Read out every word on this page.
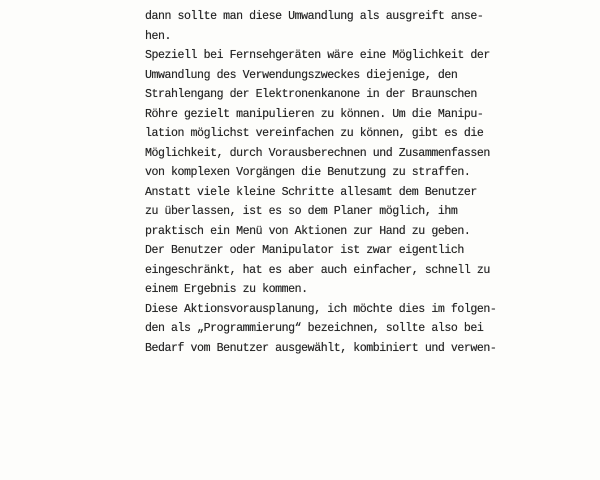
dann sollte man diese Umwandlung als ausgreift anse-
hen.
Speziell bei Fernsehgeräten wäre eine Möglichkeit der
Umwandlung des Verwendungszweckes diejenige, den
Strahlengang der Elektronenkanone in der Braunschen
Röhre gezielt manipulieren zu können. Um die Manipu-
lation möglichst vereinfachen zu können, gibt es die
Möglichkeit, durch Vorausberechnen und Zusammenfassen
von komplexen Vorgängen die Benutzung zu straffen.
Anstatt viele kleine Schritte allesamt dem Benutzer
zu überlassen, ist es so dem Planer möglich, ihm
praktisch ein Menü von Aktionen zur Hand zu geben.
Der Benutzer oder Manipulator ist zwar eigentlich
eingeschränkt, hat es aber auch einfacher, schnell zu
einem Ergebnis zu kommen.
Diese Aktionsvorausplanung, ich möchte dies im folgen-
den als „Programmierung“ bezeichnen, sollte also bei
Bedarf vom Benutzer ausgewählt, kombiniert und verwen-
